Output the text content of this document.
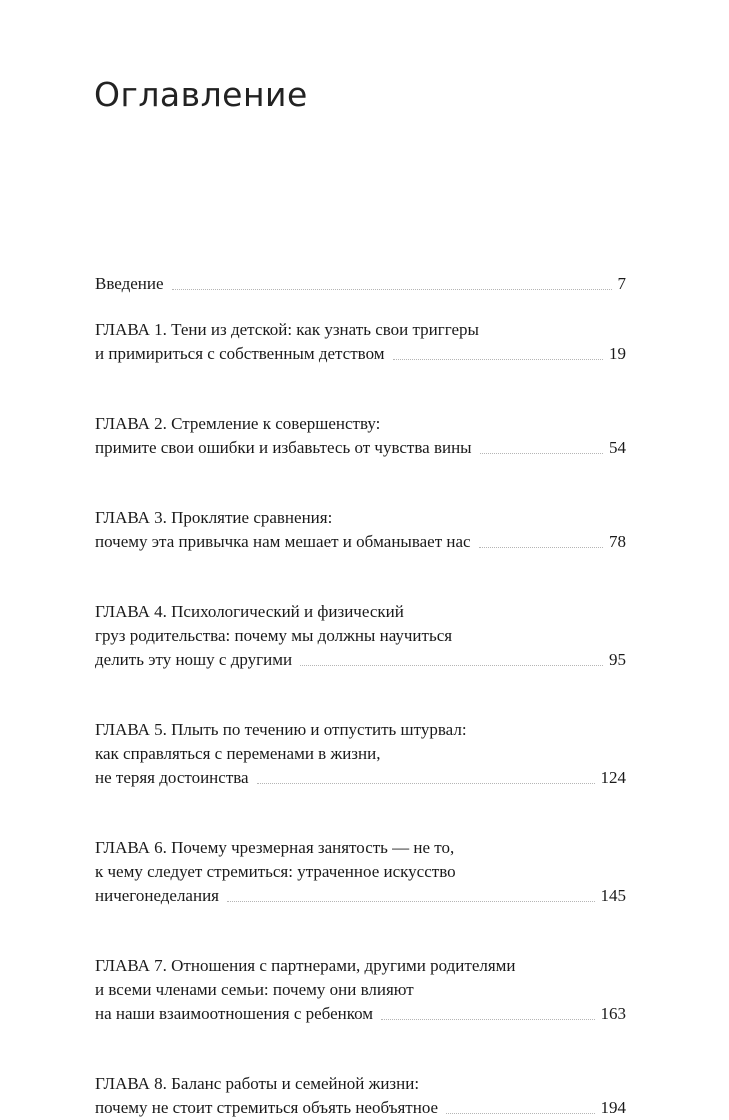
Оглавление
Введение	7
ГЛАВА 1. Тени из детской: как узнать свои триггеры
и примириться с собственным детством	19
ГЛАВА 2. Стремление к совершенству:
примите свои ошибки и избавьтесь от чувства вины	54
ГЛАВА 3. Проклятие сравнения:
почему эта привычка нам мешает и обманывает нас	78
ГЛАВА 4. Психологический и физический
груз родительства: почему мы должны научиться
делить эту ношу с другими	95
ГЛАВА 5. Плыть по течению и отпустить штурвал:
как справляться с переменами в жизни,
не теряя достоинства	124
ГЛАВА 6. Почему чрезмерная занятость — не то,
к чему следует стремиться: утраченное искусство
ничегонеделания	145
ГЛАВА 7. Отношения с партнерами, другими родителями
и всеми членами семьи: почему они влияют
на наши взаимоотношения с ребенком	163
ГЛАВА 8. Баланс работы и семейной жизни:
почему не стоит стремиться объять необъятное	194
